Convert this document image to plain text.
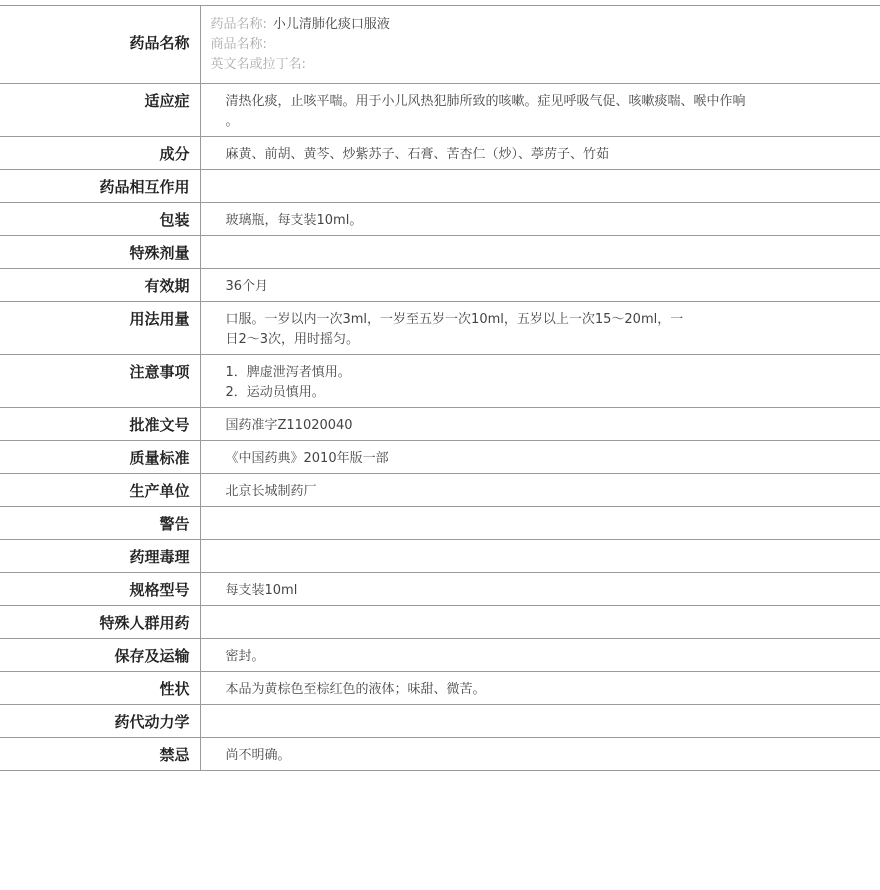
药品名称	药品名称: 小儿清肺化痰口服液
商品名称:
英文名或拉丁名:

适应症	清热化痰，止咳平喘。用于小儿风热犯肺所致的咳嗽。症见呼吸气促、咳嗽痰喘、喉中作响
。

成分	麻黄、前胡、黄芩、炒紫苏子、石膏、苦杏仁（炒）、葶苈子、竹茹
药品相互作用	
包装	玻璃瓶，每支装10ml。
特殊剂量	
有效期	36个月
用法用量	口服。一岁以内一次3ml，一岁至五岁一次10ml，五岁以上一次15～20ml，一
日2～3次，用时摇匀。

注意事项	1．脾虚泄泻者慎用。
2．运动员慎用。

批准文号	国药准字Z11020040
质量标准	《中国药典》2010年版一部
生产单位	北京长城制药厂
警告	
药理毒理	
规格型号	每支装10ml
特殊人群用药	
保存及运输	密封。
性状	本品为黄棕色至棕红色的液体；味甜、微苦。
药代动力学	
禁忌	尚不明确。
